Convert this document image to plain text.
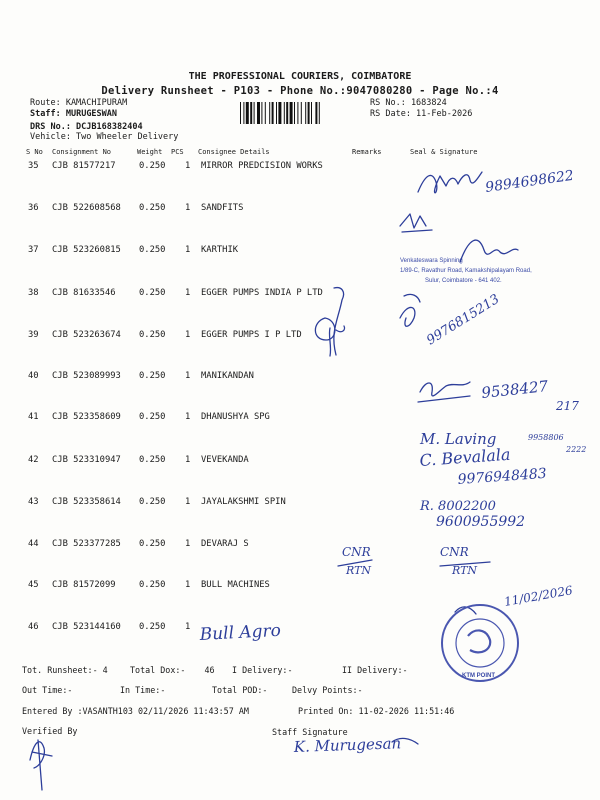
THE PROFESSIONAL COURIERS, COIMBATORE
Delivery Runsheet - P103 - Phone No.:9047080280 - Page No.:4
Route: KAMACHIPURAM
Staff: MURUGESWAN
DRS No.: DCJB168382404
Vehicle: Two Wheeler Delivery
RS No.: 1683824
RS Date: 11-Feb-2026
S No Consignment No	Weight PCS Consignee Details	Remarks	Seal & Signature
35 CJB 81577217	0.250 1 MIRROR PREDCISION WORKS
36 CJB 522608568 0.250 1 SANDFITS
37 CJB 523260815 0.250 1 KARTHIK
38 CJB 81633546	0.250 1 EGGER PUMPS INDIA P LTD
39 CJB 523263674 0.250 1 EGGER PUMPS I P LTD
40 CJB 523089993 0.250 1 MANIKANDAN
41 CJB 523358609 0.250 1 DHANUSHYA SPG
42 CJB 523310947 0.250 1 VEVEKANDA
43 CJB 523358614 0.250 1 JAYALAKSHMI SPIN
44 CJB 523377285 0.250 1 DEVARAJ S
45 CJB 81572099	0.250 1 BULL MACHINES
46 CJB 523144160 0.250 1
9894698622
Venkateswara Spinning
1/89-C, Ravathur Road, Kamakshipalayam Road,
Sulur, Coimbatore - 641 402.
9976815213
9538427
217
M. Laving	9958806
2222
C. Bevalala
9976948483
R. 8002200
9600955992
CNR
RTN
CNR
RTN
Bull Agro
11/02/2026
KTM POINT
K. Murugesan
Tot. Runsheet:- 4	Total Dox:- 46 I Delivery:-	II Delivery:-
Out Time:-	In Time:-	Total POD:-	Delvy Points:-
Entered By :VASANTH103 02/11/2026 11:43:57 AM	Printed On: 11-02-2026 11:51:46
Verified By	Staff Signature
